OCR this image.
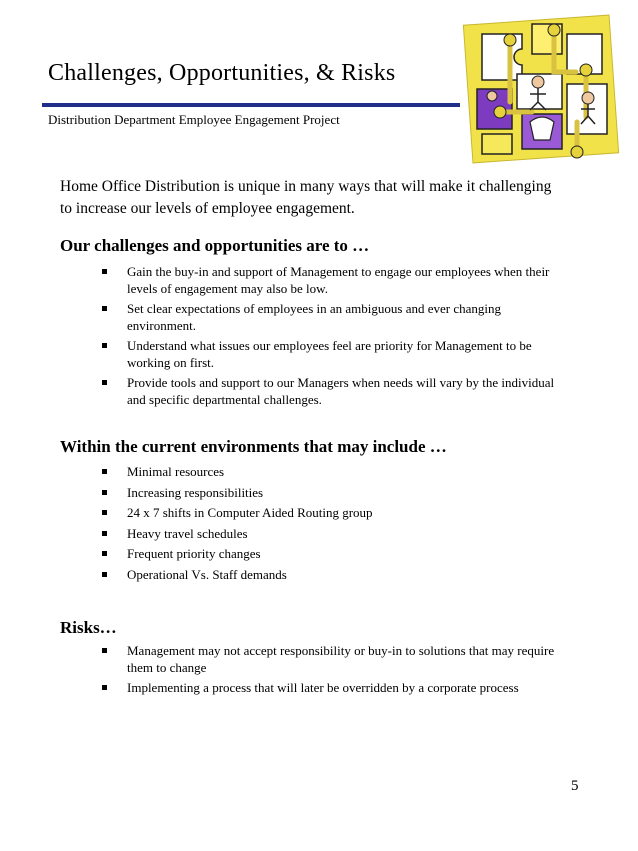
Challenges, Opportunities, & Risks
Distribution Department Employee Engagement Project
Home Office Distribution is unique in many ways that will make it challenging to increase our levels of employee engagement.
Our challenges and opportunities are to …
Gain the buy-in and support of Management to engage our employees when their levels of engagement may also be low.
Set clear expectations of employees in an ambiguous and ever changing environment.
Understand what issues our employees feel are priority for Management to be working on first.
Provide tools and support to our Managers when needs will vary by the individual and specific departmental challenges.
Within the current environments that may include …
Minimal resources
Increasing responsibilities
24 x 7 shifts in Computer Aided Routing group
Heavy travel schedules
Frequent priority changes
Operational Vs. Staff demands
Risks…
Management may not accept responsibility or buy-in to solutions that may require them to change
Implementing a process that will later be overridden by a corporate process
5
